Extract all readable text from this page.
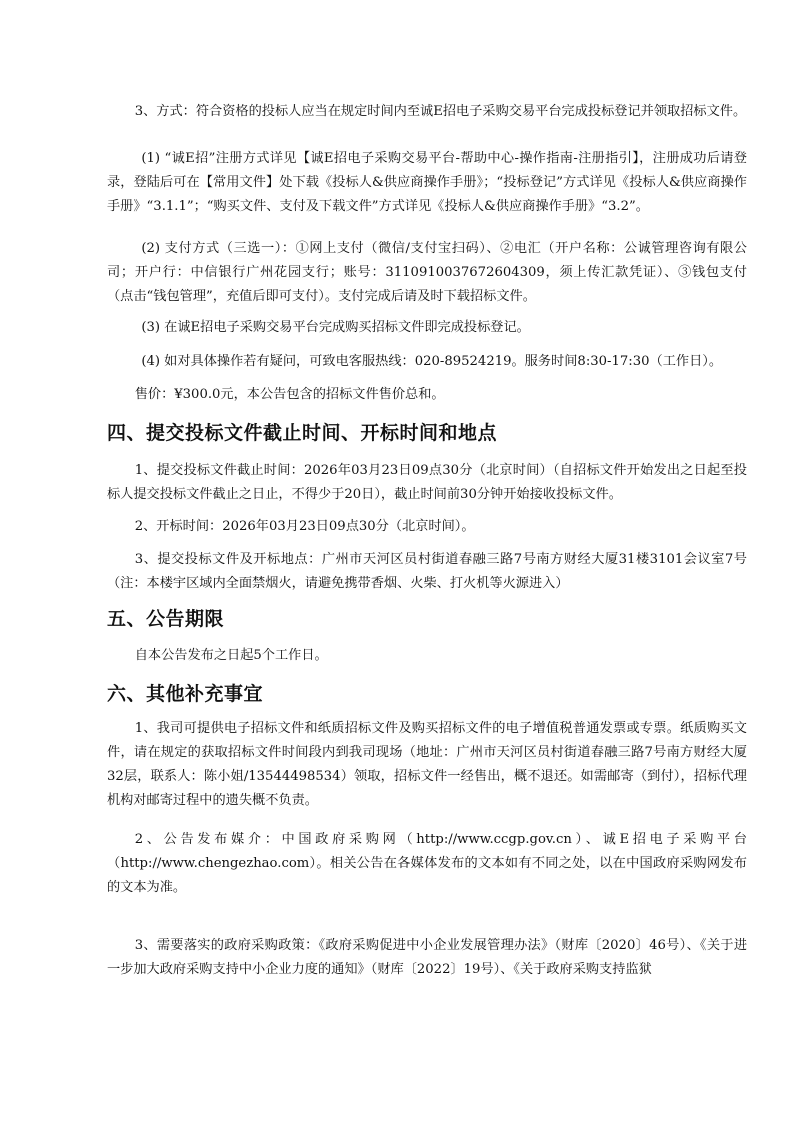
3、方式：符合资格的投标人应当在规定时间内至诚E招电子采购交易平台完成投标登记并领取招标文件。

(1) “诚E招”注册方式详见【诚E招电子采购交易平台-帮助中心-操作指南-注册指引】，注册成功后请登录，登陆后可在【常用文件】处下载《投标人&供应商操作手册》；“投标登记”方式详见《投标人&供应商操作手册》“3.1.1”；“购买文件、支付及下载文件”方式详见《投标人&供应商操作手册》“3.2”。

(2) 支付方式（三选一）：①网上支付（微信/支付宝扫码）、②电汇（开户名称：公诚管理咨询有限公司；开户行：中信银行广州花园支行；账号：3110910037672604309，须上传汇款凭证）、③钱包支付（点击“钱包管理”，充值后即可支付）。支付完成后请及时下载招标文件。

(3) 在诚E招电子采购交易平台完成购买招标文件即完成投标登记。

(4) 如对具体操作若有疑问，可致电客服热线：020-89524219。服务时间8:30-17:30（工作日）。

售价：¥300.0元，本公告包含的招标文件售价总和。

四、提交投标文件截止时间、开标时间和地点

1、提交投标文件截止时间：2026年03月23日09点30分（北京时间）（自招标文件开始发出之日起至投标人提交投标文件截止之日止，不得少于20日），截止时间前30分钟开始接收投标文件。

2、开标时间：2026年03月23日09点30分（北京时间）。

3、提交投标文件及开标地点：广州市天河区员村街道春融三路7号南方财经大厦31楼3101会议室7号（注：本楼宇区域内全面禁烟火，请避免携带香烟、火柴、打火机等火源进入）

五、公告期限

自本公告发布之日起5个工作日。

六、其他补充事宜

1、我司可提供电子招标文件和纸质招标文件及购买招标文件的电子增值税普通发票或专票。纸质购买文件，请在规定的获取招标文件时间段内到我司现场（地址：广州市天河区员村街道春融三路7号南方财经大厦32层，联系人：陈小姐/13544498534）领取，招标文件一经售出，概不退还。如需邮寄（到付），招标代理机构对邮寄过程中的遗失概不负责。

2、公告发布媒介：中国政府采购网（http://www.ccgp.gov.cn）、诚E招电子采购平台（http://www.chengezhao.com）。相关公告在各媒体发布的文本如有不同之处，以在中国政府采购网发布的文本为准。

3、需要落实的政府采购政策：《政府采购促进中小企业发展管理办法》（财库〔2020〕46号）、《关于进一步加大政府采购支持中小企业力度的通知》（财库〔2022〕19号）、《关于政府采购支持监狱
